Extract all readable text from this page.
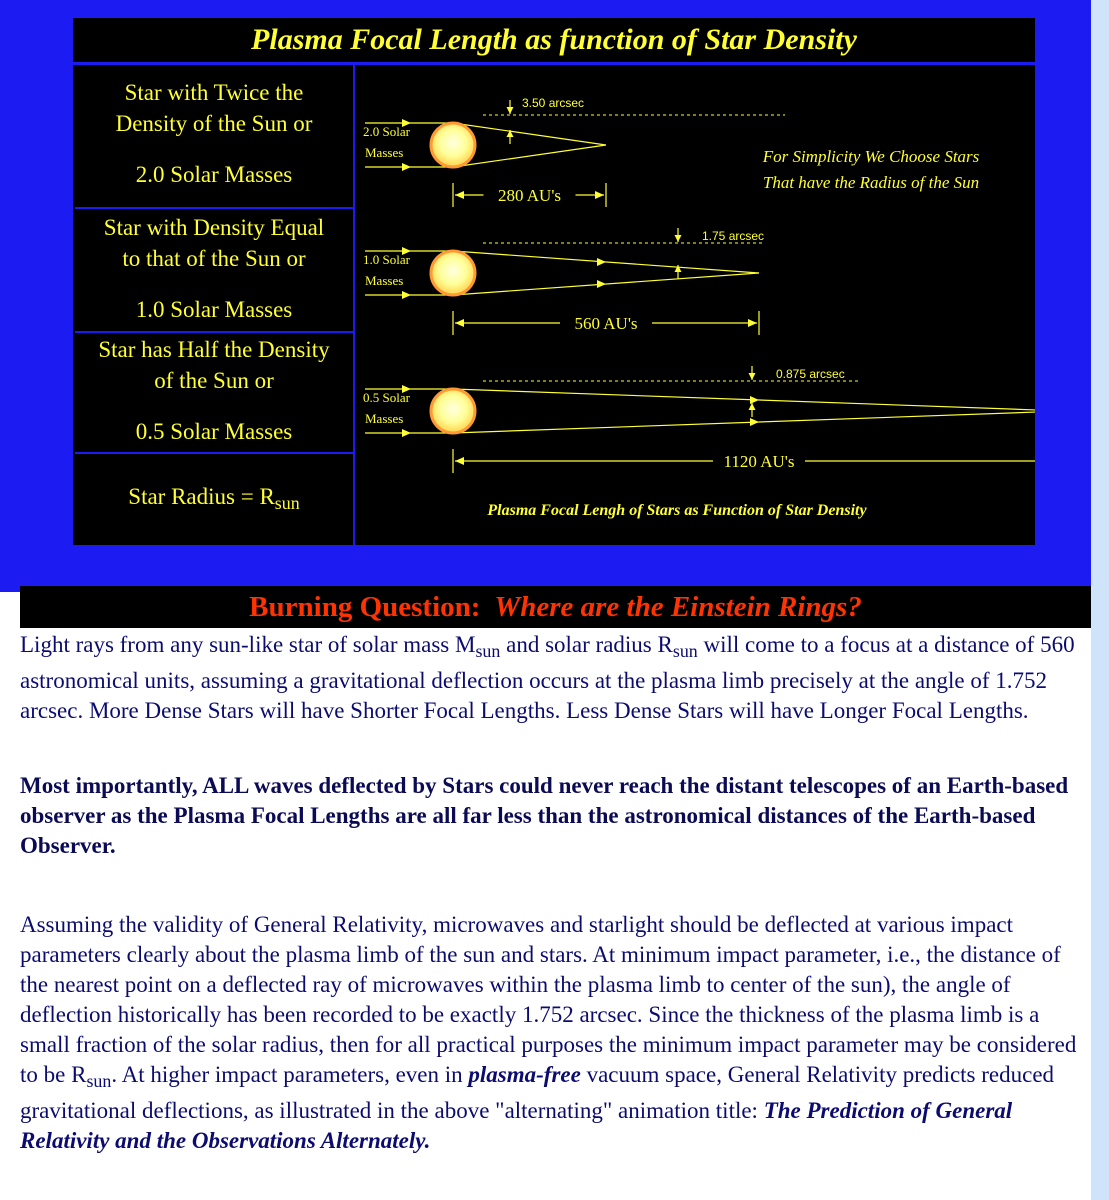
Plasma Focal Length as function of Star Density
Star with Twice the
Density of the Sun or
2.0 Solar Masses
Star with Density Equal
to that of the Sun or
1.0 Solar Masses
Star has Half the Density
of the Sun or
0.5 Solar Masses
Star Radius = $R_{sun}$
For Simplicity We Choose Stars
That have the Radius of the Sun
Plasma Focal Lengh of Stars as Function of Star Density
2.0 Solar
Masses
3.50 arcsec
280 AU's
1.0 Solar
Masses
1.75 arcsec
560 AU's
0.5 Solar
Masses
0.875 arcsec
1120 AU's
Burning Question: Where are the Einstein Rings?

Light rays from any sun-like star of solar mass $M_{sun}$ and solar radius $R_{sun}$ will come to a focus at a distance of 560 astronomical units, assuming a gravitational deflection occurs at the plasma limb precisely at the angle of 1.752 arcsec. More Dense Stars will have Shorter Focal Lengths. Less Dense Stars will have Longer Focal Lengths.

Most importantly, ALL waves deflected by Stars could never reach the distant telescopes of an Earth-based observer as the Plasma Focal Lengths are all far less than the astronomical distances of the Earth-based Observer.

Assuming the validity of General Relativity, microwaves and starlight should be deflected at various impact parameters clearly about the plasma limb of the sun and stars. At minimum impact parameter, i.e., the distance of the nearest point on a deflected ray of microwaves within the plasma limb to center of the sun), the angle of deflection historically has been recorded to be exactly 1.752 arcsec. Since the thickness of the plasma limb is a small fraction of the solar radius, then for all practical purposes the minimum impact parameter may be considered to be $R_{sun}$. At higher impact parameters, even in plasma-free vacuum space, General Relativity predicts reduced gravitational deflections, as illustrated in the above "alternating" animation title: The Prediction of General Relativity and the Observations Alternately.
